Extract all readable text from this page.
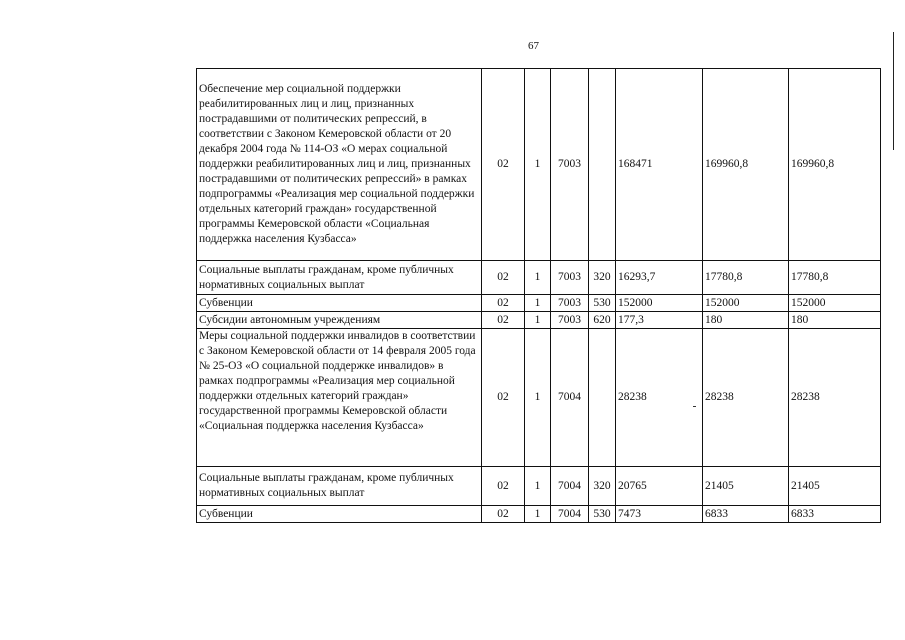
67
Обеспечение мер социальной поддержки реабилитированных лиц и лиц, признанных пострадавшими от политических репрессий, в соответствии с Законом Кемеровской области от 20 декабря 2004 года № 114-ОЗ «О мерах социальной поддержки реабилитированных лиц и лиц, признанных пострадавшими от политических репрессий» в рамках подпрограммы «Реализация мер социальной поддержки отдельных категорий граждан» государственной программы Кемеровской области «Социальная поддержка населения Кузбасса»	02	1	7003		168471	169960,8	169960,8
Социальные выплаты гражданам, кроме публичных нормативных социальных выплат	02	1	7003	320	16293,7	17780,8	17780,8
Субвенции	02	1	7003	530	152000	152000	152000
Субсидии автономным учреждениям	02	1	7003	620	177,3	180	180
Меры социальной поддержки инвалидов в соответствии с Законом Кемеровской области от 14 февраля 2005 года № 25-ОЗ «О социальной поддержке инвалидов» в рамках подпрограммы «Реализация мер социальной поддержки отдельных категорий граждан» государственной программы Кемеровской области «Социальная поддержка населения Кузбасса»	02	1	7004		28238	28238	28238
Социальные выплаты гражданам, кроме публичных нормативных социальных выплат	02	1	7004	320	20765	21405	21405
Субвенции	02	1	7004	530	7473	6833	6833
